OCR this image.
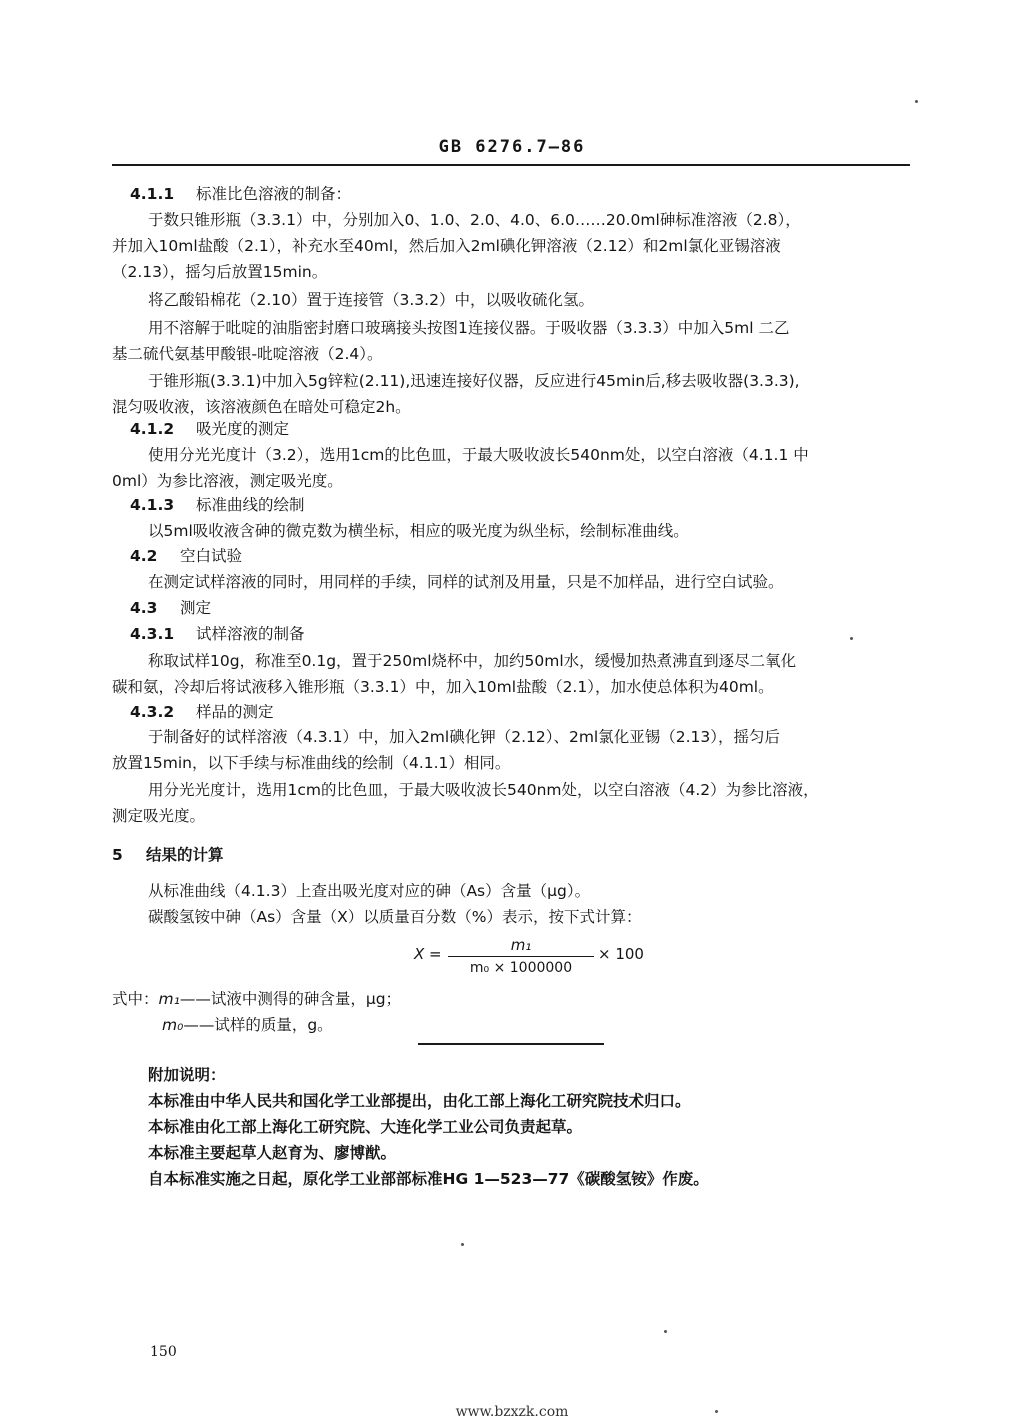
GB 6276.7—86
4.1.1 标准比色溶液的制备：
于数只锥形瓶（3.3.1）中，分别加入0、1.0、2.0、4.0、6.0……20.0ml砷标准溶液（2.8），
并加入10ml盐酸（2.1），补充水至40ml，然后加入2ml碘化钾溶液（2.12）和2ml氯化亚锡溶液
（2.13），摇匀后放置15min。
将乙酸铅棉花（2.10）置于连接管（3.3.2）中，以吸收硫化氢。
用不溶解于吡啶的油脂密封磨口玻璃接头按图1连接仪器。于吸收器（3.3.3）中加入5ml 二乙
基二硫代氨基甲酸银-吡啶溶液（2.4）。
于锥形瓶(3.3.1)中加入5g锌粒(2.11),迅速连接好仪器，反应进行45min后,移去吸收器(3.3.3),
混匀吸收液，该溶液颜色在暗处可稳定2h。
4.1.2 吸光度的测定
使用分光光度计（3.2），选用1cm的比色皿，于最大吸收波长540nm处，以空白溶液（4.1.1 中
0ml）为参比溶液，测定吸光度。
4.1.3 标准曲线的绘制
以5ml吸收液含砷的微克数为横坐标，相应的吸光度为纵坐标，绘制标准曲线。
4.2 空白试验
在测定试样溶液的同时，用同样的手续，同样的试剂及用量，只是不加样品，进行空白试验。
4.3 测定
4.3.1 试样溶液的制备
称取试样10g，称准至0.1g，置于250ml烧杯中，加约50ml水，缓慢加热煮沸直到逐尽二氧化
碳和氨，冷却后将试液移入锥形瓶（3.3.1）中，加入10ml盐酸（2.1），加水使总体积为40ml。
4.3.2 样品的测定
于制备好的试样溶液（4.3.1）中，加入2ml碘化钾（2.12）、2ml氯化亚锡（2.13），摇匀后
放置15min，以下手续与标准曲线的绘制（4.1.1）相同。
用分光光度计，选用1cm的比色皿，于最大吸收波长540nm处，以空白溶液（4.2）为参比溶液，
测定吸光度。
5 结果的计算
从标准曲线（4.1.3）上查出吸光度对应的砷（As）含量（μg）。
碳酸氢铵中砷（As）含量（X）以质量百分数（%）表示，按下式计算：
X =	m₁
m₀ × 1000000
× 100
式中：m₁——试液中测得的砷含量，μg；
m₀——试样的质量，g。
附加说明：
本标准由中华人民共和国化学工业部提出，由化工部上海化工研究院技术归口。
本标准由化工部上海化工研究院、大连化学工业公司负责起草。
本标准主要起草人赵育为、廖博猷。
自本标准实施之日起，原化学工业部部标准HG 1—523—77《碳酸氢铵》作废。
150
www.bzxzk.com
